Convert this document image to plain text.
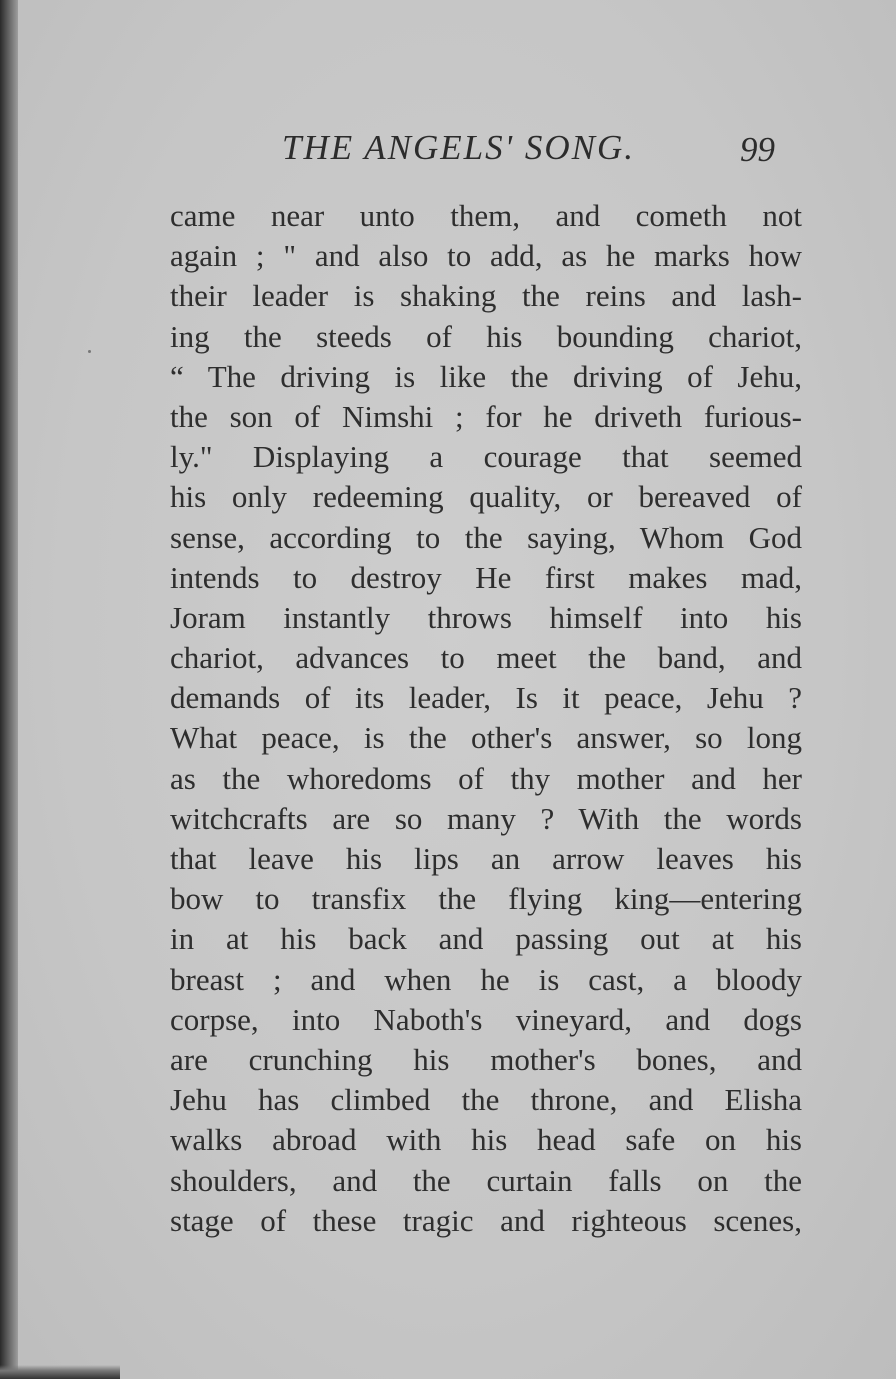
THE ANGELS' SONG.	99
came near unto them, and cometh not
again ; " and also to add, as he marks how
their leader is shaking the reins and lash-
ing the steeds of his bounding chariot,
“ The driving is like the driving of Jehu,
the son of Nimshi ; for he driveth furious-
ly." Displaying a courage that seemed
his only redeeming quality, or bereaved of
sense, according to the saying, Whom God
intends to destroy He first makes mad,
Joram instantly throws himself into his
chariot, advances to meet the band, and
demands of its leader, Is it peace, Jehu ?
What peace, is the other's answer, so long
as the whoredoms of thy mother and her
witchcrafts are so many ? With the words
that leave his lips an arrow leaves his
bow to transfix the flying king—entering
in at his back and passing out at his
breast ; and when he is cast, a bloody
corpse, into Naboth's vineyard, and dogs
are crunching his mother's bones, and
Jehu has climbed the throne, and Elisha
walks abroad with his head safe on his
shoulders, and the curtain falls on the
stage of these tragic and righteous scenes,
